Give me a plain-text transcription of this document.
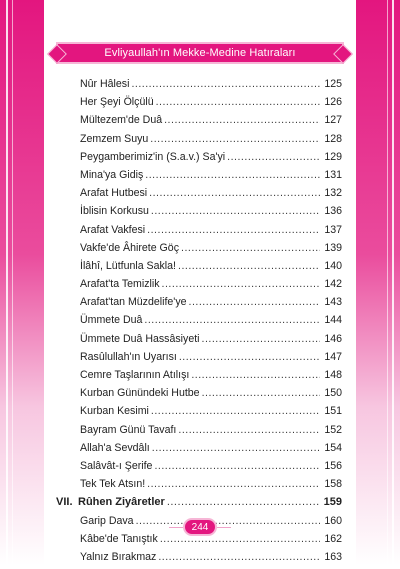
Evliyaullah'ın Mekke-Medine Hatıraları
Nûr Hâlesi .....	125
Her Şeyi Ölçülü .....	126
Mültezem'de Duâ .....	127
Zemzem Suyu .....	128
Peygamberimiz'in (S.a.v.) Sa'yi .....	129
Mina'ya Gidiş .....	131
Arafat Hutbesi .....	132
İblisin Korkusu .....	136
Arafat Vakfesi .....	137
Vakfe'de Âhirete Göç .....	139
İlâhî, Lütfunla Sakla! .....	140
Arafat'ta Temizlik .....	142
Arafat'tan Müzdelife'ye .....	143
Ümmete Duâ .....	144
Ümmete Duâ Hassâsiyeti .....	146
Rasûlullah'ın Uyarısı .....	147
Cemre Taşlarının Atılışı .....	148
Kurban Günündeki Hutbe .....	150
Kurban Kesimi .....	151
Bayram Günü Tavafı .....	152
Allah'a Sevdâlı .....	154
Salâvât-ı Şerife .....	156
Tek Tek Atsın! .....	158
VII. Rûhen Ziyâretler .....	159
Garip Dava .....	160
Kâbe'de Tanıştık .....	162
Yalnız Bırakmaz .....	163
244
